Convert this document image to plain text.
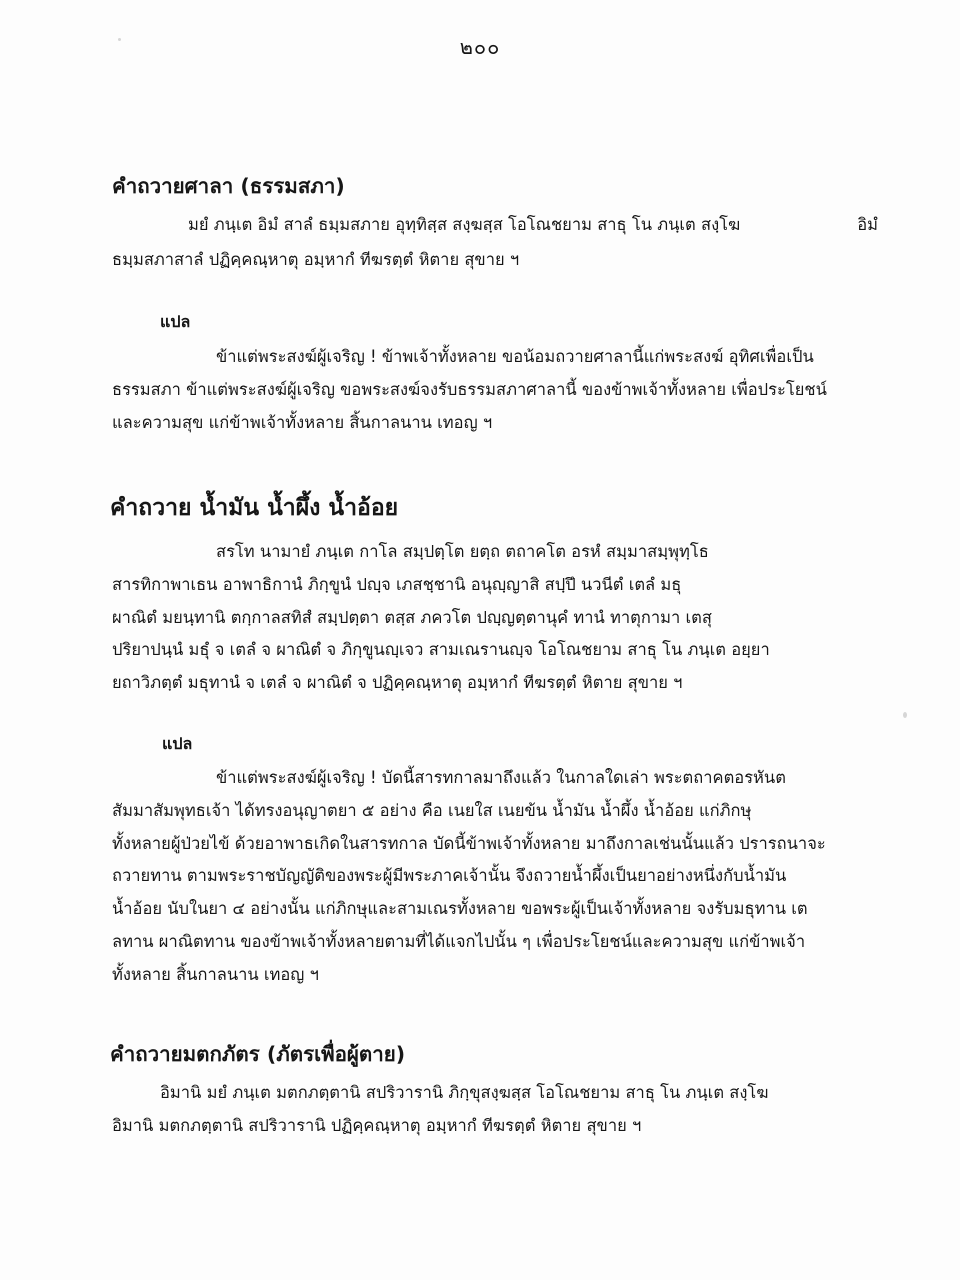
๒๐๐
คำถวายศาลา (ธรรมสภา)
มยํ ภนฺเต อิมํ สาลํ ธมฺมสภาย อุทฺทิสฺส สงฺฆสฺส โอโณชยาม สาธุ โน ภนฺเต สงฺโฆ	อิมํ
ธมฺมสภาสาลํ ปฏิคฺคณฺหาตุ อมฺหากํ ทีฆรตฺตํ หิตาย สุขาย ฯ
แปล
ข้าแต่พระสงฆ์ผู้เจริญ ! ข้าพเจ้าทั้งหลาย ขอน้อมถวายศาลานี้แก่พระสงฆ์ อุทิศเพื่อเป็น
ธรรมสภา ข้าแต่พระสงฆ์ผู้เจริญ ขอพระสงฆ์จงรับธรรมสภาศาลานี้ ของข้าพเจ้าทั้งหลาย เพื่อประโยชน์
และความสุข แก่ข้าพเจ้าทั้งหลาย สิ้นกาลนาน เทอญ ฯ
คำถวาย น้ำมัน น้ำผึ้ง น้ำอ้อย
สรโท นามายํ ภนฺเต กาโล สมฺปตฺโต ยตฺถ ตถาคโต อรหํ สมฺมาสมฺพุทฺโธ
สารทิกาพาเธน อาพาธิกานํ ภิกฺขูนํ ปญฺจ เภสชฺชานิ อนุญฺญาสิ สปฺปึ นวนีตํ เตลํ มธุ
ผาณิตํ มยนฺทานิ ตกฺกาลสทิสํ สมฺปตฺตา ตสฺส ภควโต ปญฺญตฺตานุคํ ทานํ ทาตุกามา เตสุ
ปริยาปนฺนํ มธุํ จ เตลํ จ ผาณิตํ จ ภิกฺขูนญฺเจว สามเณรานญฺจ โอโณชยาม สาธุ โน ภนฺเต อยฺยา
ยถาวิภตฺตํ มธุทานํ จ เตลํ จ ผาณิตํ จ ปฏิคฺคณฺหาตุ อมฺหากํ ทีฆรตฺตํ หิตาย สุขาย ฯ
แปล
ข้าแต่พระสงฆ์ผู้เจริญ ! บัดนี้สารทกาลมาถึงแล้ว ในกาลใดเล่า พระตถาคตอรหันต
สัมมาสัมพุทธเจ้า ได้ทรงอนุญาตยา ๕ อย่าง คือ เนยใส เนยข้น น้ำมัน น้ำผึ้ง น้ำอ้อย แก่ภิกษุ
ทั้งหลายผู้ป่วยไข้ ด้วยอาพาธเกิดในสารทกาล บัดนี้ข้าพเจ้าทั้งหลาย มาถึงกาลเช่นนั้นแล้ว ปรารถนาจะ
ถวายทาน ตามพระราชบัญญัติของพระผู้มีพระภาคเจ้านั้น จึงถวายน้ำผึ้งเป็นยาอย่างหนึ่งกับน้ำมัน
น้ำอ้อย นับในยา ๔ อย่างนั้น แก่ภิกษุและสามเณรทั้งหลาย ขอพระผู้เป็นเจ้าทั้งหลาย จงรับมธุทาน เต
ลทาน ผาณิตทาน ของข้าพเจ้าทั้งหลายตามที่ได้แจกไปนั้น ๆ เพื่อประโยชน์และความสุข แก่ข้าพเจ้า
ทั้งหลาย สิ้นกาลนาน เทอญ ฯ
คำถวายมตกภัตร (ภัตรเพื่อผู้ตาย)
อิมานิ มยํ ภนฺเต มตกภตฺตานิ สปริวารานิ ภิกฺขุสงฺฆสฺส โอโณชยาม สาธุ โน ภนฺเต สงฺโฆ
อิมานิ มตกภตฺตานิ สปริวารานิ ปฏิคฺคณฺหาตุ อมฺหากํ ทีฆรตฺตํ หิตาย สุขาย ฯ
